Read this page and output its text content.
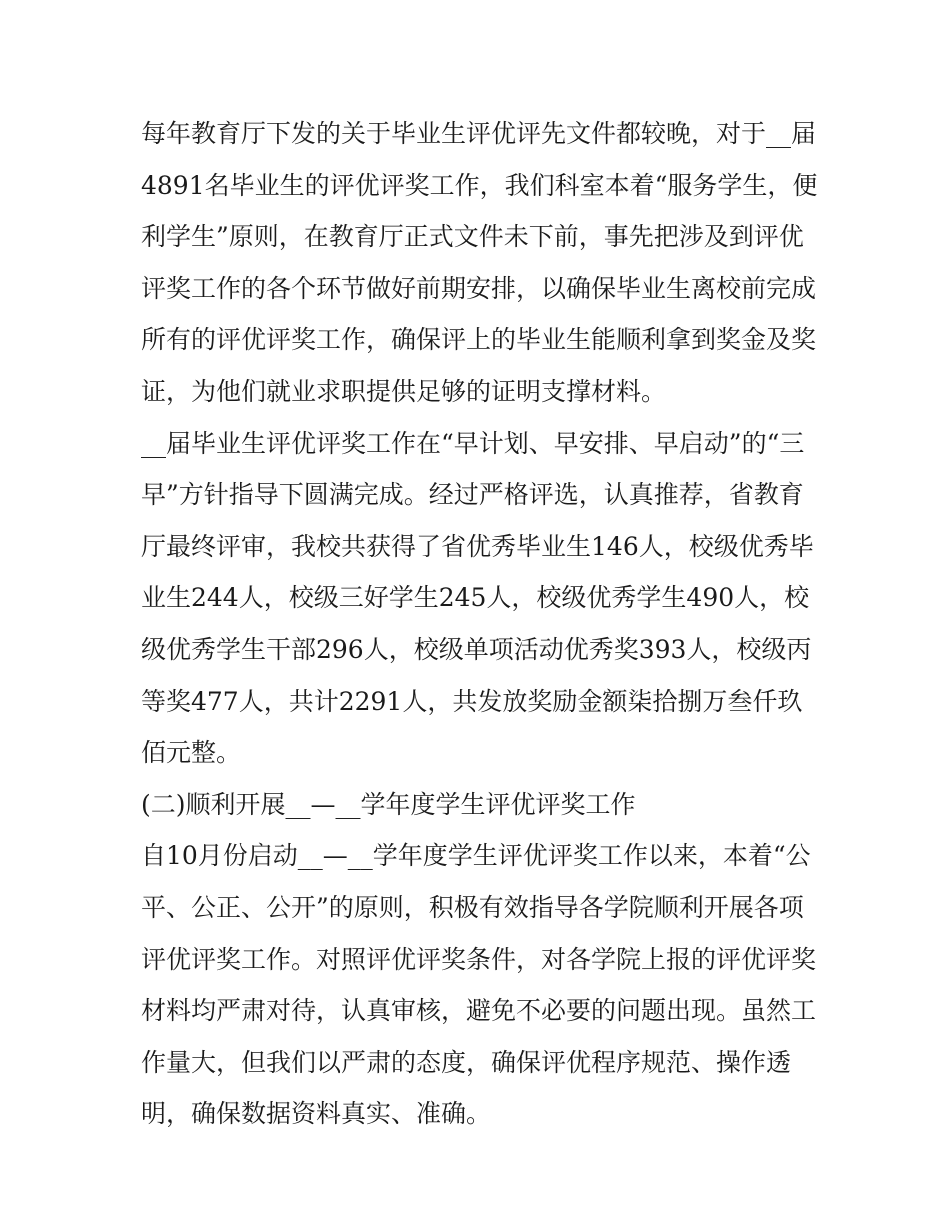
每年教育厅下发的关于毕业生评优评先文件都较晚，对于__届
4891名毕业生的评优评奖工作，我们科室本着“服务学生，便
利学生”原则，在教育厅正式文件未下前，事先把涉及到评优
评奖工作的各个环节做好前期安排，以确保毕业生离校前完成
所有的评优评奖工作，确保评上的毕业生能顺利拿到奖金及奖
证，为他们就业求职提供足够的证明支撑材料。
__届毕业生评优评奖工作在“早计划、早安排、早启动”的“三
早”方针指导下圆满完成。经过严格评选，认真推荐，省教育
厅最终评审，我校共获得了省优秀毕业生146人，校级优秀毕
业生244人，校级三好学生245人，校级优秀学生490人，校
级优秀学生干部296人，校级单项活动优秀奖393人，校级丙
等奖477人，共计2291人，共发放奖励金额柒拾捌万叁仟玖
佰元整。
(二)顺利开展__—__学年度学生评优评奖工作
自10月份启动__—__学年度学生评优评奖工作以来，本着“公
平、公正、公开”的原则，积极有效指导各学院顺利开展各项
评优评奖工作。对照评优评奖条件，对各学院上报的评优评奖
材料均严肃对待，认真审核，避免不必要的问题出现。虽然工
作量大，但我们以严肃的态度，确保评优程序规范、操作透
明，确保数据资料真实、准确。
